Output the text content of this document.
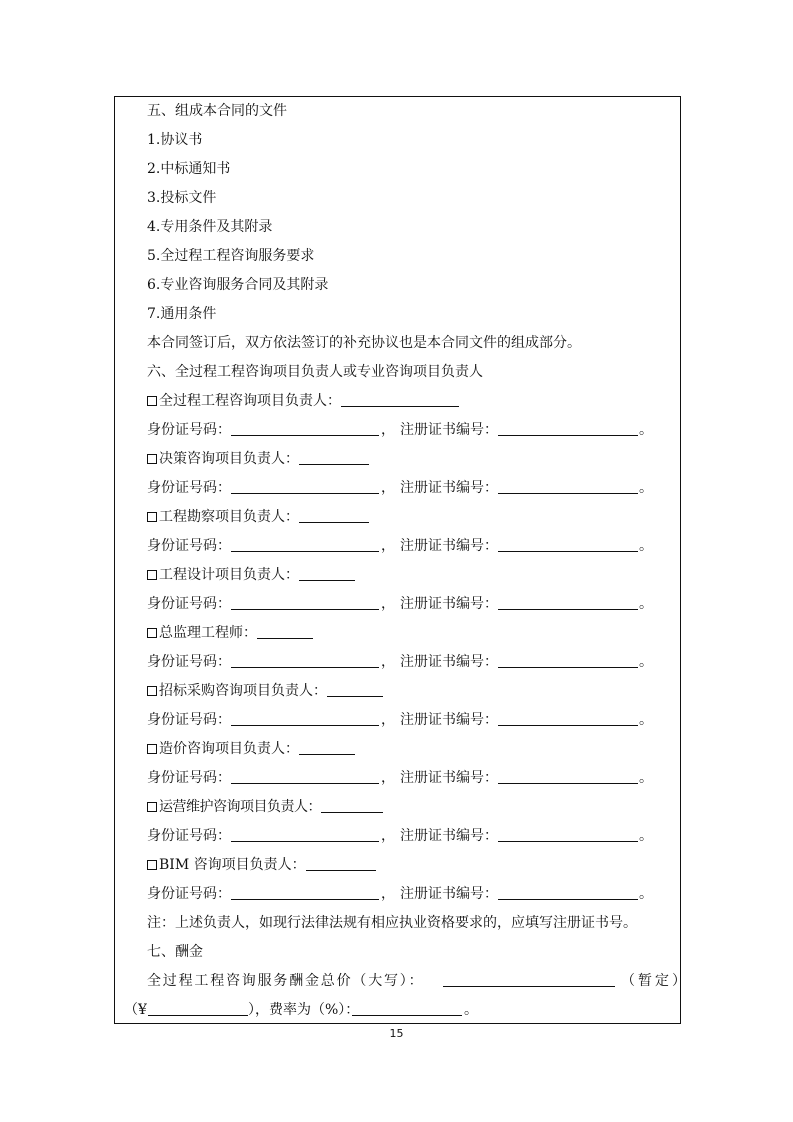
五、组成本合同的文件
1.协议书
2.中标通知书
3.投标文件
4.专用条件及其附录
5.全过程工程咨询服务要求
6.专业咨询服务合同及其附录
7.通用条件
本合同签订后，双方依法签订的补充协议也是本合同文件的组成部分。
六、全过程工程咨询项目负责人或专业咨询项目负责人
全过程工程咨询项目负责人：
身份证号码：	， 注册证书编号：	。
决策咨询项目负责人：
身份证号码：	， 注册证书编号：	。
工程勘察项目负责人：
身份证号码：	， 注册证书编号：	。
工程设计项目负责人：
身份证号码：	， 注册证书编号：	。
总监理工程师：
身份证号码：	， 注册证书编号：	。
招标采购咨询项目负责人：
身份证号码：	， 注册证书编号：	。
造价咨询项目负责人：
身份证号码：	， 注册证书编号：	。
运营维护咨询项目负责人：
身份证号码：	， 注册证书编号：	。
BIM 咨询项目负责人：
身份证号码：	， 注册证书编号：	。
注：上述负责人，如现行法律法规有相应执业资格要求的，应填写注册证书号。
七、酬金
全过程工程咨询服务酬金总价（大写）：	（暂定）
（¥	），费率为（%）：	。
15
